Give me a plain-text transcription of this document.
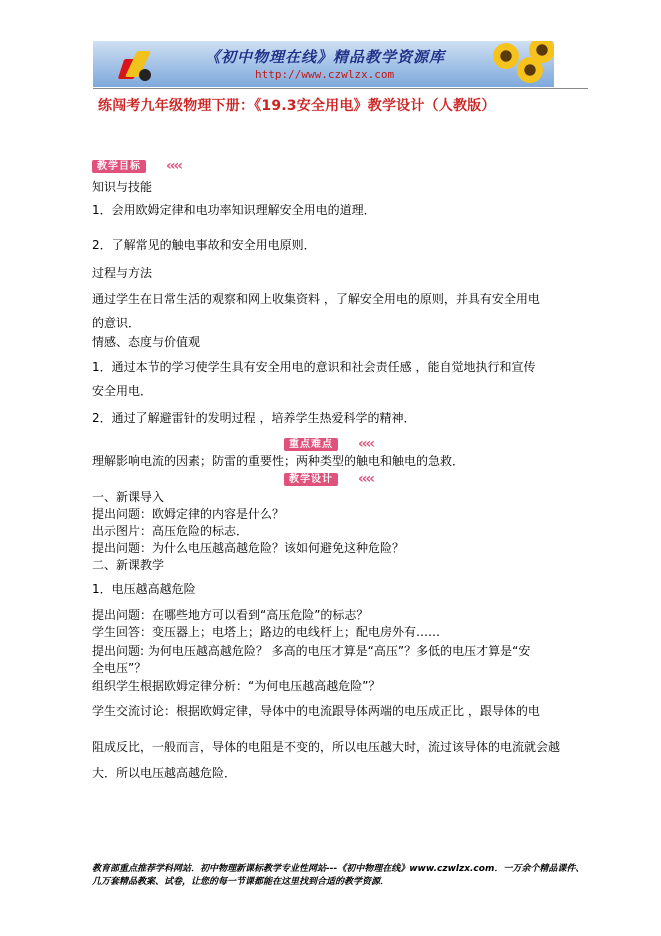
《初中物理在线》精品教学资源库
http://www.czwlzx.com
练闯考九年级物理下册：《19.3安全用电》教学设计（人教版）
教学目标	‹‹‹‹
知识与技能
1．会用欧姆定律和电功率知识理解安全用电的道理．
2．了解常见的触电事故和安全用电原则．
过程与方法
通过学生在日常生活的观察和网上收集资料 ，了解安全用电的原则，并具有安全用电
的意识．
情感、态度与价值观
1．通过本节的学习使学生具有安全用电的意识和社会责任感 ，能自觉地执行和宣传
安全用电．
2．通过了解避雷针的发明过程 ，培养学生热爱科学的精神．
重点难点	‹‹‹‹
理解影响电流的因素；防雷的重要性；两种类型的触电和触电的急救．
教学设计	‹‹‹‹
一、新课导入
提出问题：欧姆定律的内容是什么？
出示图片：高压危险的标志．
提出问题：为什么电压越高越危险？该如何避免这种危险？
二、新课教学
1．电压越高越危险
提出问题：在哪些地方可以看到“高压危险”的标志？
学生回答：变压器上；电塔上；路边的电线杆上；配电房外有……
提出问题: 为何电压越高越危险？ 多高的电压才算是“高压”？多低的电压才算是“安
全电压”？
组织学生根据欧姆定律分析：“为何电压越高越危险”？
学生交流讨论：根据欧姆定律，导体中的电流跟导体两端的电压成正比 ，跟导体的电
阻成反比，一般而言，导体的电阻是不变的，所以电压越大时，流过该导体的电流就会越
大．所以电压越高越危险．
教育部重点推荐学科网站．初中物理新课标教学专业性网站---《初中物理在线》www.czwlzx.com．一万余个精品课件、
几万套精品教案、试卷，让您的每一节课都能在这里找到合适的教学资源．
